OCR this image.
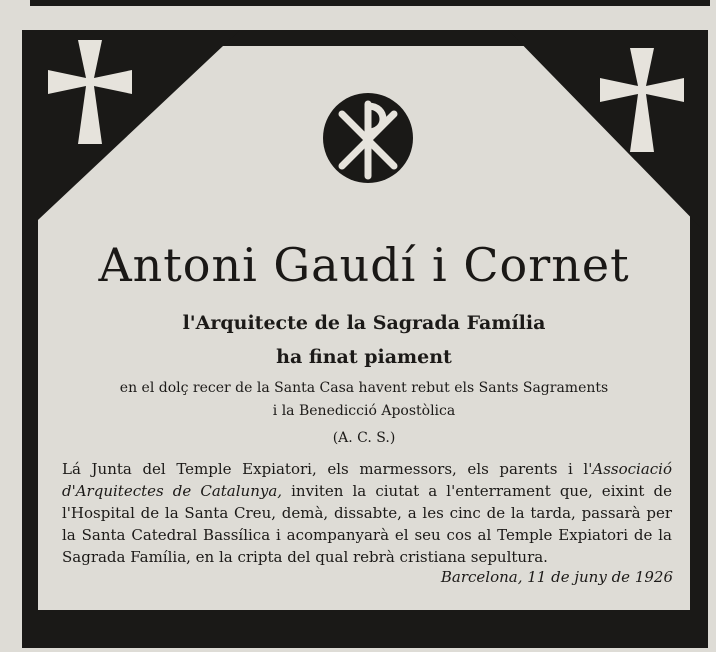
Antoni Gaudí i Cornet
l'Arquitecte de la Sagrada Família
ha finat piament
en el dolç recer de la Santa Casa havent rebut els Sants Sagraments
i la Benedicció Apostòlica
(A. C. S.)
Lá Junta del Temple Expiatori, els marmessors, els parents i l'Associació d'Arquitectes de Catalunya, inviten la ciutat a l'enterrament que, eixint de l'Hospital de la Santa Creu, demà, dissabte, a les cinc de la tarda, passarà per la Santa Catedral Bassílica i acompanyarà el seu cos al Temple Expiatori de la Sagrada Família, en la cripta del qual rebrà cristiana sepultura.
Barcelona, 11 de juny de 1926
